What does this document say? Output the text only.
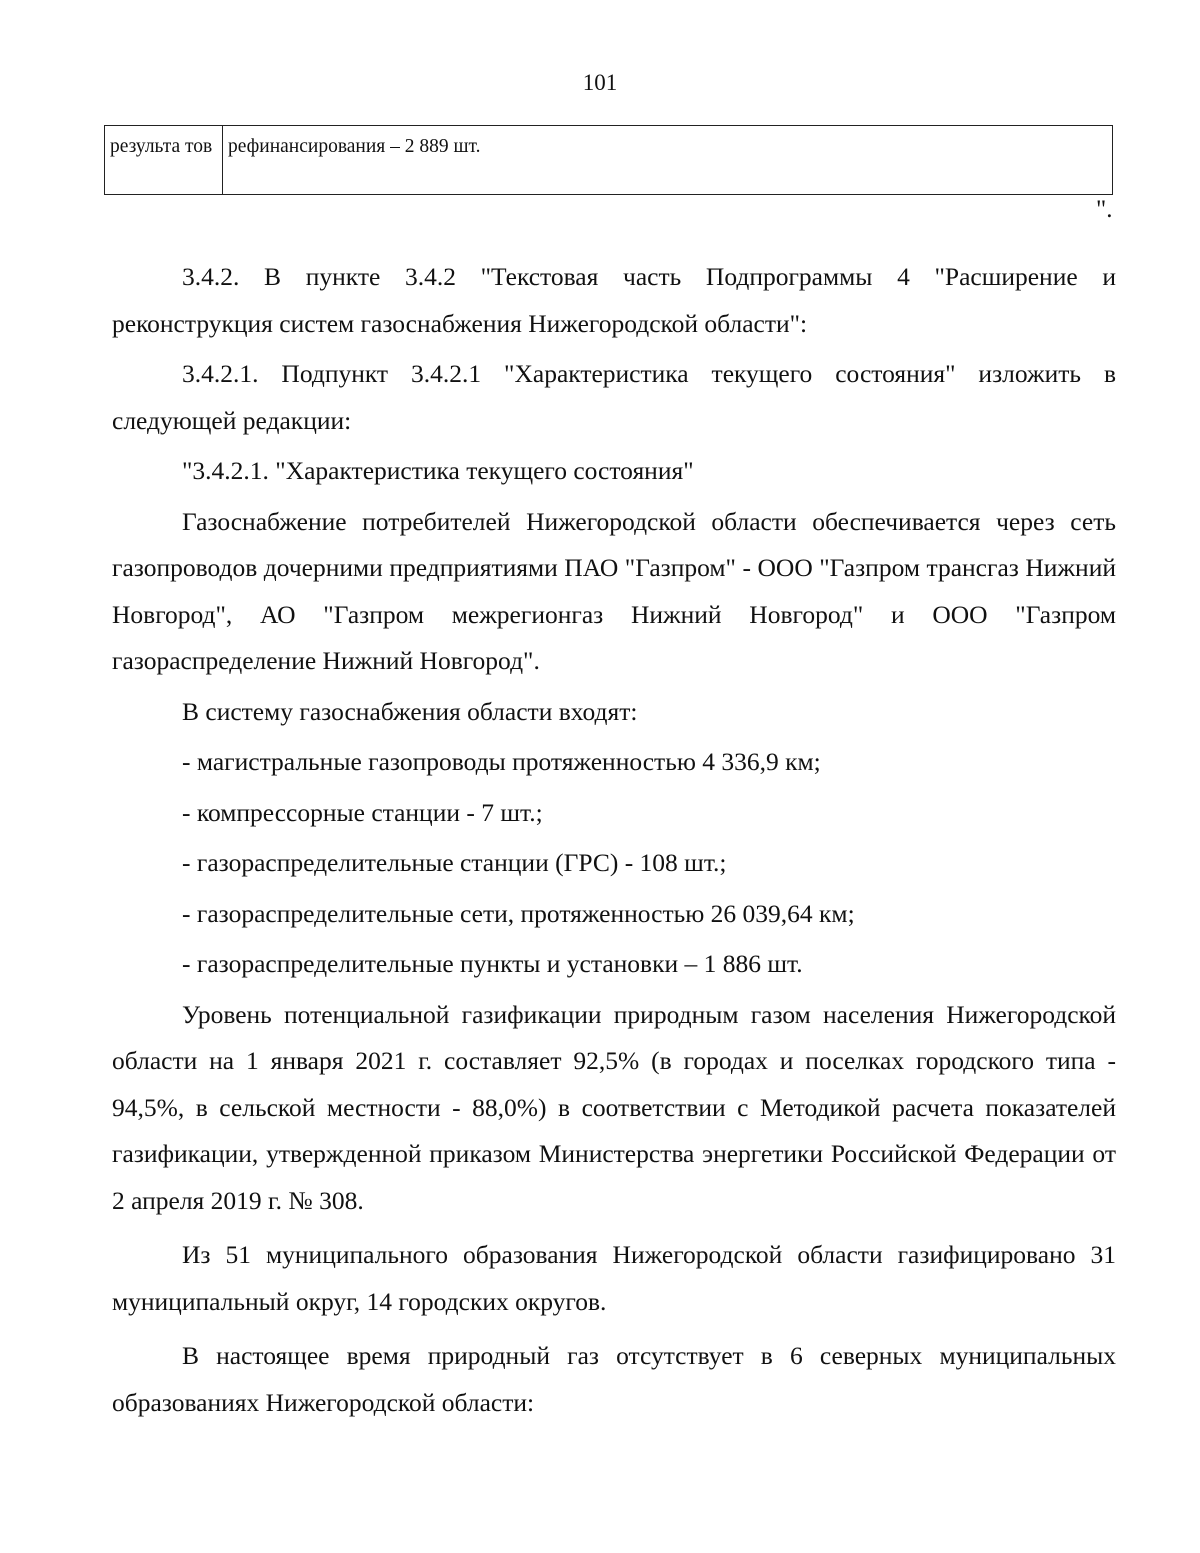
101
результа тов	рефинансирования – 2 889 шт.
".

3.4.2. В пункте 3.4.2 "Текстовая часть Подпрограммы 4 "Расширение и реконструкция систем газоснабжения Нижегородской области":

3.4.2.1. Подпункт 3.4.2.1 "Характеристика текущего состояния" изложить в следующей редакции:

"3.4.2.1. "Характеристика текущего состояния"

Газоснабжение потребителей Нижегородской области обеспечивается через сеть газопроводов дочерними предприятиями ПАО "Газпром" - ООО "Газпром трансгаз Нижний Новгород", АО "Газпром межрегионгаз Нижний Новгород" и ООО "Газпром газораспределение Нижний Новгород".

В систему газоснабжения области входят:

- магистральные газопроводы протяженностью 4 336,9 км;

- компрессорные станции - 7 шт.;

- газораспределительные станции (ГРС) - 108 шт.;

- газораспределительные сети, протяженностью 26 039,64 км;

- газораспределительные пункты и установки – 1 886 шт.

Уровень потенциальной газификации природным газом населения Нижегородской области на 1 января 2021 г. составляет 92,5% (в городах и поселках городского типа - 94,5%, в сельской местности - 88,0%) в соответствии с Методикой расчета показателей газификации, утвержденной приказом Министерства энергетики Российской Федерации от 2 апреля 2019 г. № 308.

Из 51 муниципального образования Нижегородской области газифицировано 31 муниципальный округ, 14 городских округов.

В настоящее время природный газ отсутствует в 6 северных муниципальных образованиях Нижегородской области:
